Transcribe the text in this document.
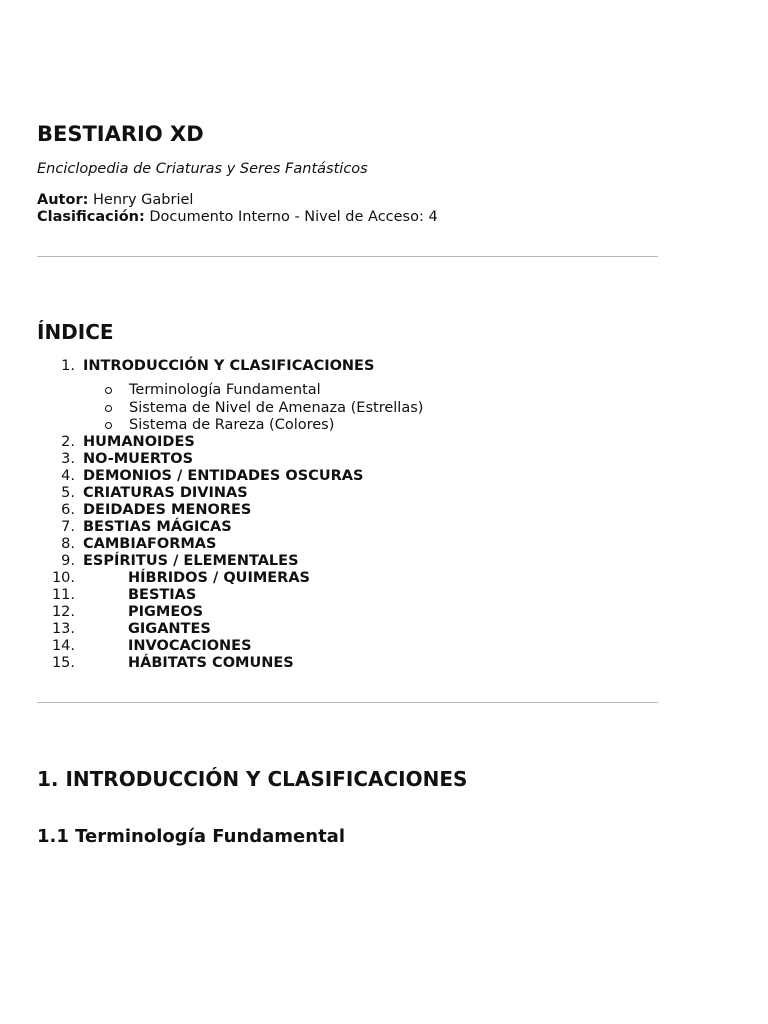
BESTIARIO XD

Enciclopedia de Criaturas y Seres Fantásticos

Autor: Henry Gabriel

Clasificación: Documento Interno - Nivel de Acceso: 4

ÍNDICE
1. INTRODUCCIÓN Y CLASIFICACIONES
Terminología Fundamental
Sistema de Nivel de Amenaza (Estrellas)
Sistema de Rareza (Colores)
2. HUMANOIDES
3. NO-MUERTOS
4. DEMONIOS / ENTIDADES OSCURAS
5. CRIATURAS DIVINAS
6. DEIDADES MENORES
7. BESTIAS MÁGICAS
8. CAMBIAFORMAS
9. ESPÍRITUS / ELEMENTALES
10.	HÍBRIDOS / QUIMERAS
11.	BESTIAS
12.	PIGMEOS
13.	GIGANTES
14.	INVOCACIONES
15.	HÁBITATS COMUNES
1. INTRODUCCIÓN Y CLASIFICACIONES
1.1 Terminología Fundamental
